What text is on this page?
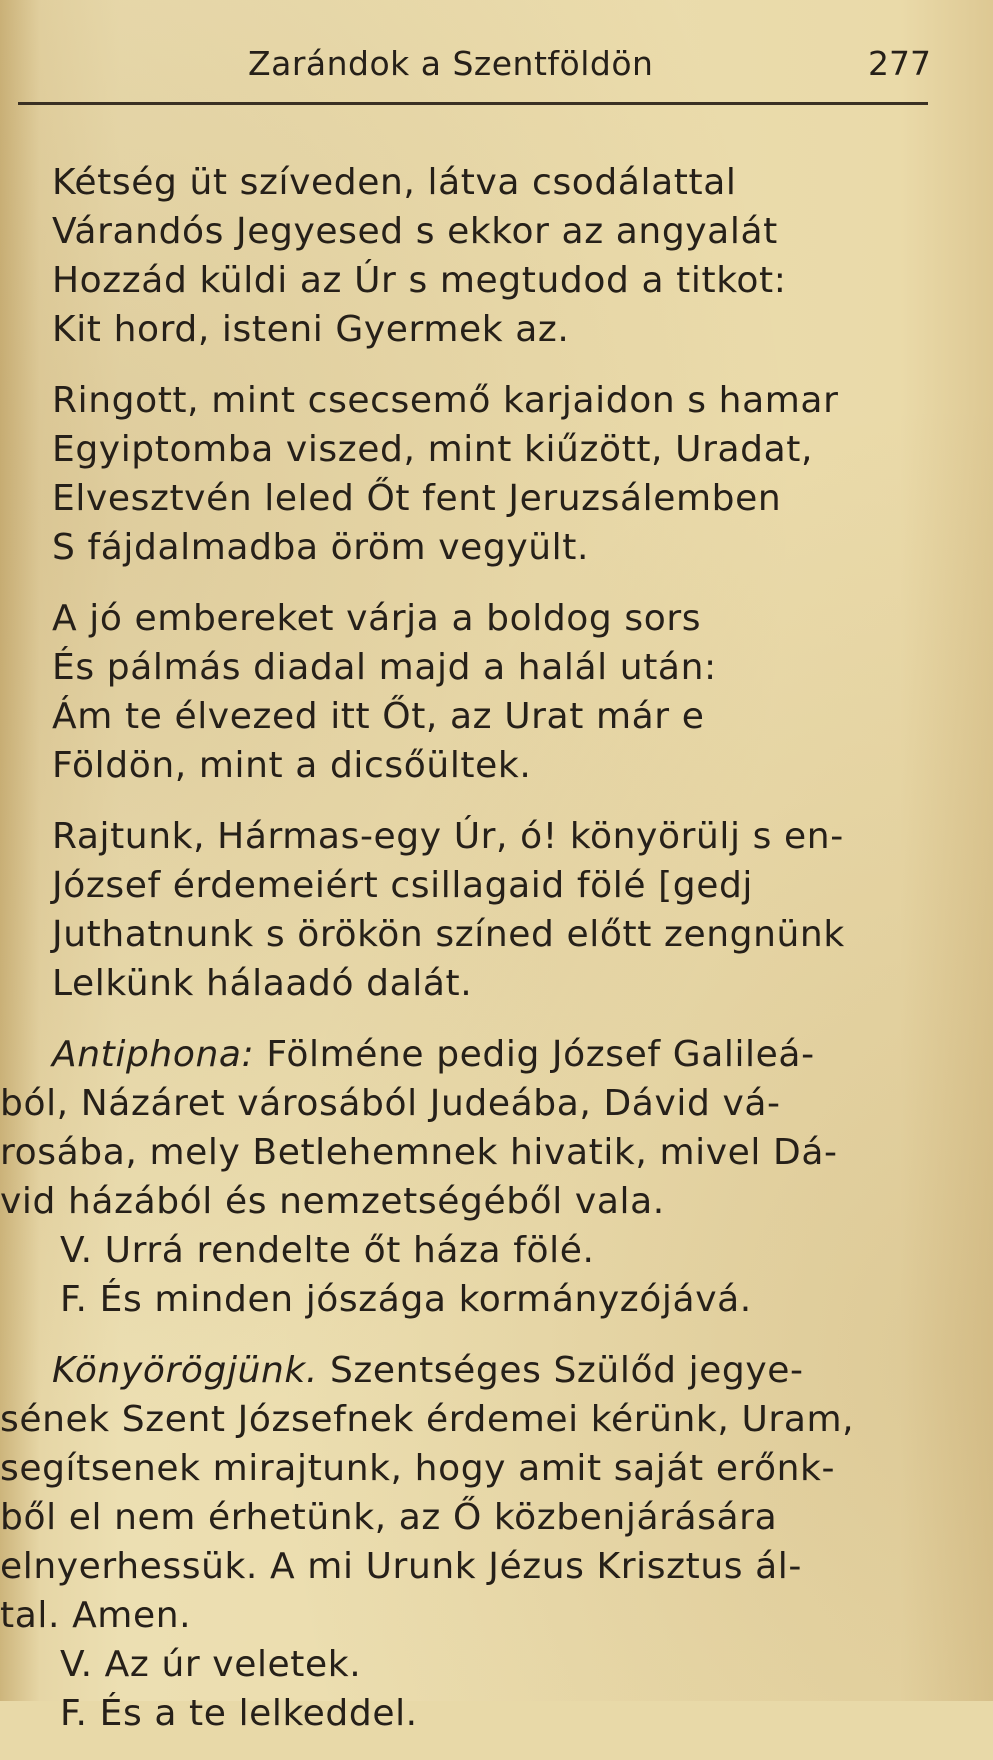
Zarándok a Szentföldön	277
Kétség üt szíveden, látva csodálattal
Várandós Jegyesed s ekkor az angyalát
Hozzád küldi az Úr s megtudod a titkot:
Kit hord, isteni Gyermek az.
Ringott, mint csecsemő karjaidon s hamar
Egyiptomba viszed, mint kiűzött, Uradat,
Elvesztvén leled Őt fent Jeruzsálemben
S fájdalmadba öröm vegyült.
A jó embereket várja a boldog sors
És pálmás diadal majd a halál után:
Ám te élvezed itt Őt, az Urat már e
Földön, mint a dicsőültek.
Rajtunk, Hármas-egy Úr, ó! könyörülj s en-
József érdemeiért csillagaid fölé [gedj
Juthatnunk s örökön színed előtt zengnünk
Lelkünk hálaadó dalát.
Antiphona: Fölméne pedig József Galileá-
ból, Názáret városából Judeába, Dávid vá-
rosába, mely Betlehemnek hivatik, mivel Dá-
vid házából és nemzetségéből vala.
V. Urrá rendelte őt háza fölé.
F. És minden jószága kormányzójává.
Könyörögjünk. Szentséges Szülőd jegye-
sének Szent Józsefnek érdemei kérünk, Uram,
segítsenek mirajtunk, hogy amit saját erőnk-
ből el nem érhetünk, az Ő közbenjárására
elnyerhessük. A mi Urunk Jézus Krisztus ál-
tal. Amen.
V. Az úr veletek.
F. És a te lelkeddel.
